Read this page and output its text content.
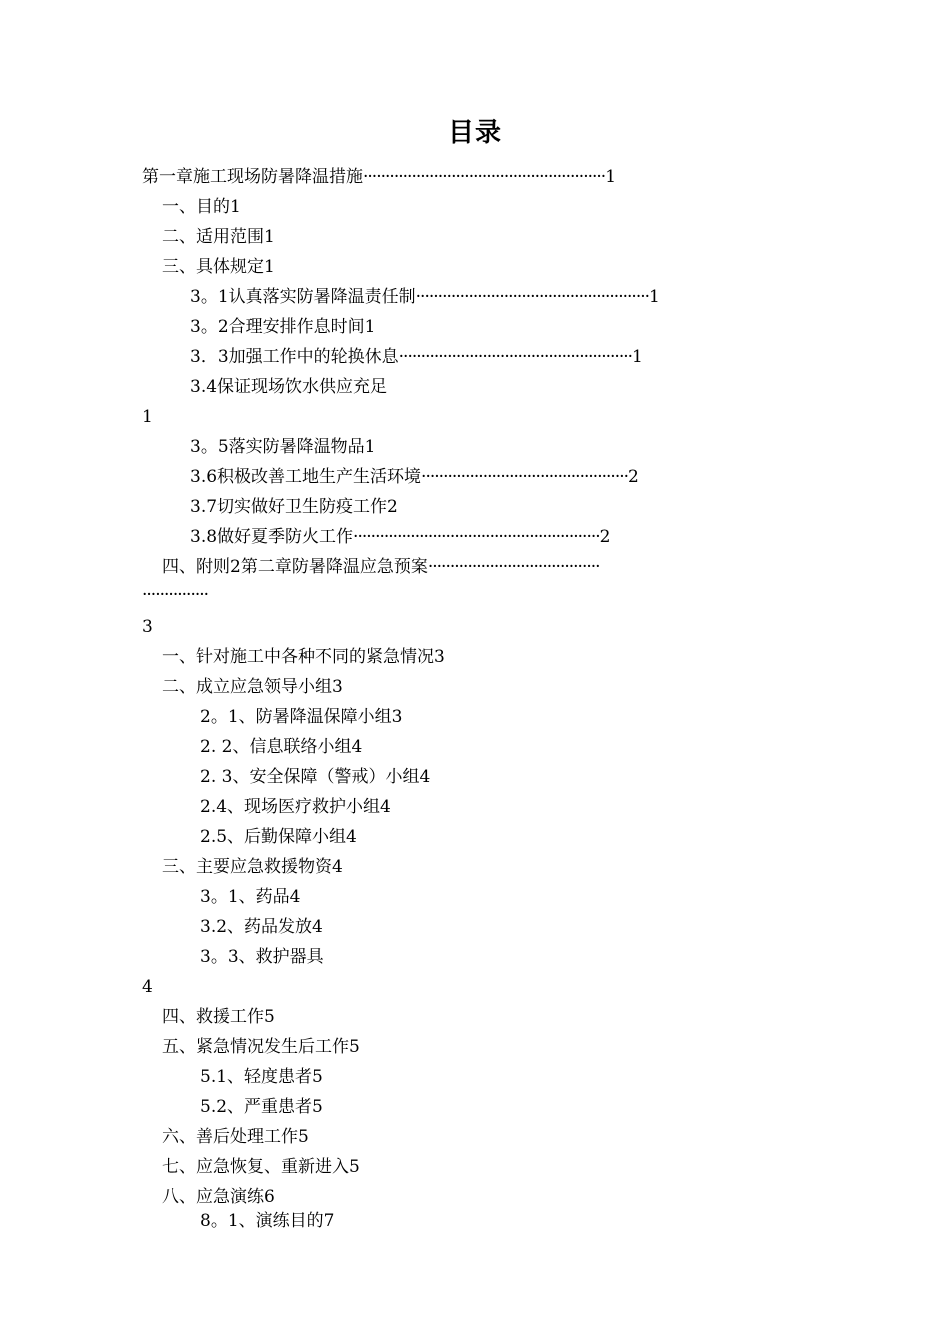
目录
第一章施工现场防暑降温措施·······················································1
一、目的1
二、适用范围1
三、具体规定1
3。1认真落实防暑降温责任制·····················································1
3。2合理安排作息时间1
3．3加强工作中的轮换休息·····················································1
3.4保证现场饮水供应充足
1
3。5落实防暑降温物品1
3.6积极改善工地生产生活环境···············································2
3.7切实做好卫生防疫工作2
3.8做好夏季防火工作························································2
四、附则2第二章防暑降温应急预案·······································
···············
3
一、针对施工中各种不同的紧急情况3
二、成立应急领导小组3
2。1、防暑降温保障小组3
2. 2、信息联络小组4
2. 3、安全保障（警戒）小组4
2.4、现场医疗救护小组4
2.5、后勤保障小组4
三、主要应急救援物资4
3。1、药品4
3.2、药品发放4
3。3、救护器具
4
四、救援工作5
五、紧急情况发生后工作5
5.1、轻度患者5
5.2、严重患者5
六、善后处理工作5
七、应急恢复、重新进入5
八、应急演练6
8。1、演练目的7
